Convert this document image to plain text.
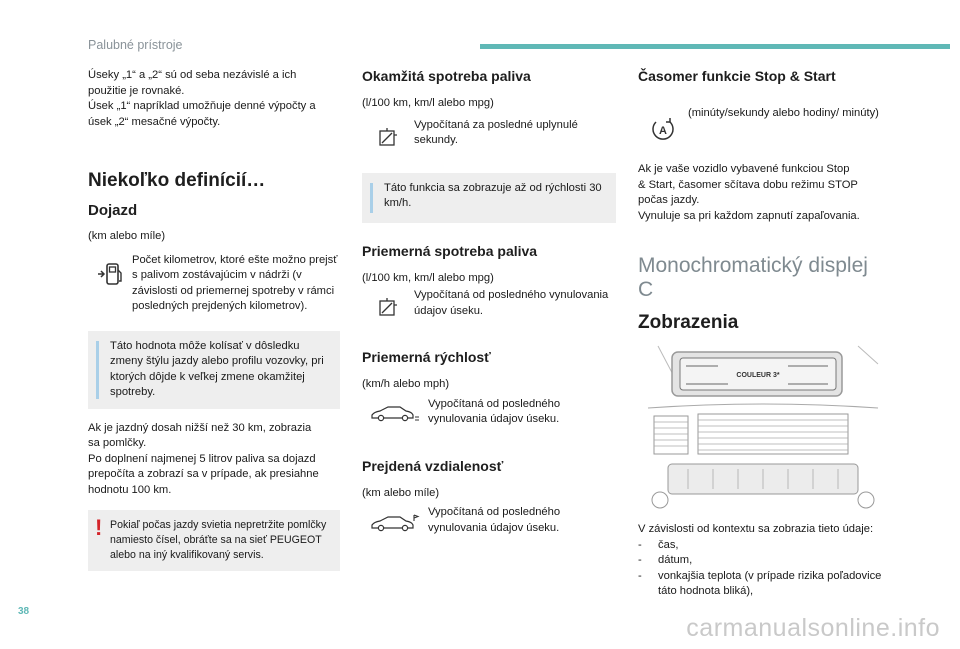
Palubné prístroje

Úseky „1“ a „2“ sú od seba nezávislé a ich

použitie je rovnaké.

Úsek „1“ napríklad umožňuje denné výpočty a

úsek „2“ mesačné výpočty.

Niekoľko definícií…
Dojazd

(km alebo míle)

Počet kilometrov, ktoré ešte možno prejsť s palivom zostávajúcim v nádrži (v závislosti od priemernej spotreby v rámci posledných prejdených kilometrov).

Táto hodnota môže kolísať v dôsledku zmeny štýlu jazdy alebo profilu vozovky, pri ktorých dôjde k veľkej zmene okamžitej spotreby.

Ak je jazdný dosah nižší než 30 km, zobrazia

sa pomlčky.

Po doplnení najmenej 5 litrov paliva sa dojazd

prepočíta a zobrazí sa v prípade, ak presiahne

hodnotu 100 km.

! Pokiaľ počas jazdy svietia nepretržite pomlčky namiesto čísel, obráťte sa na sieť PEUGEOT alebo na iný kvalifikovaný servis.

Okamžitá spotreba paliva

(l/100 km, km/l alebo mpg)

Vypočítaná za posledné uplynulé sekundy.

Táto funkcia sa zobrazuje až od rýchlosti 30 km/h.

Priemerná spotreba paliva

(l/100 km, km/l alebo mpg)

Vypočítaná od posledného vynulovania údajov úseku.

Priemerná rýchlosť

(km/h alebo mph)

Vypočítaná od posledného vynulovania údajov úseku.

Prejdená vzdialenosť

(km alebo míle)

Vypočítaná od posledného vynulovania údajov úseku.

Časomer funkcie Stop & Start
A

(minúty/sekundy alebo hodiny/ minúty)

Ak je vaše vozidlo vybavené funkciou Stop

& Start, časomer sčítava dobu režimu STOP

počas jazdy.

Vynuluje sa pri každom zapnutí zapaľovania.

Monochromatický displej C
Zobrazenia
COULEUR 3*

V závislosti od kontextu sa zobrazia tieto údaje:

-	čas,
-	dátum,
-	vonkajšia teplota (v prípade rizika poľadovice táto hodnota bliká),
38
carmanualsonline.info
